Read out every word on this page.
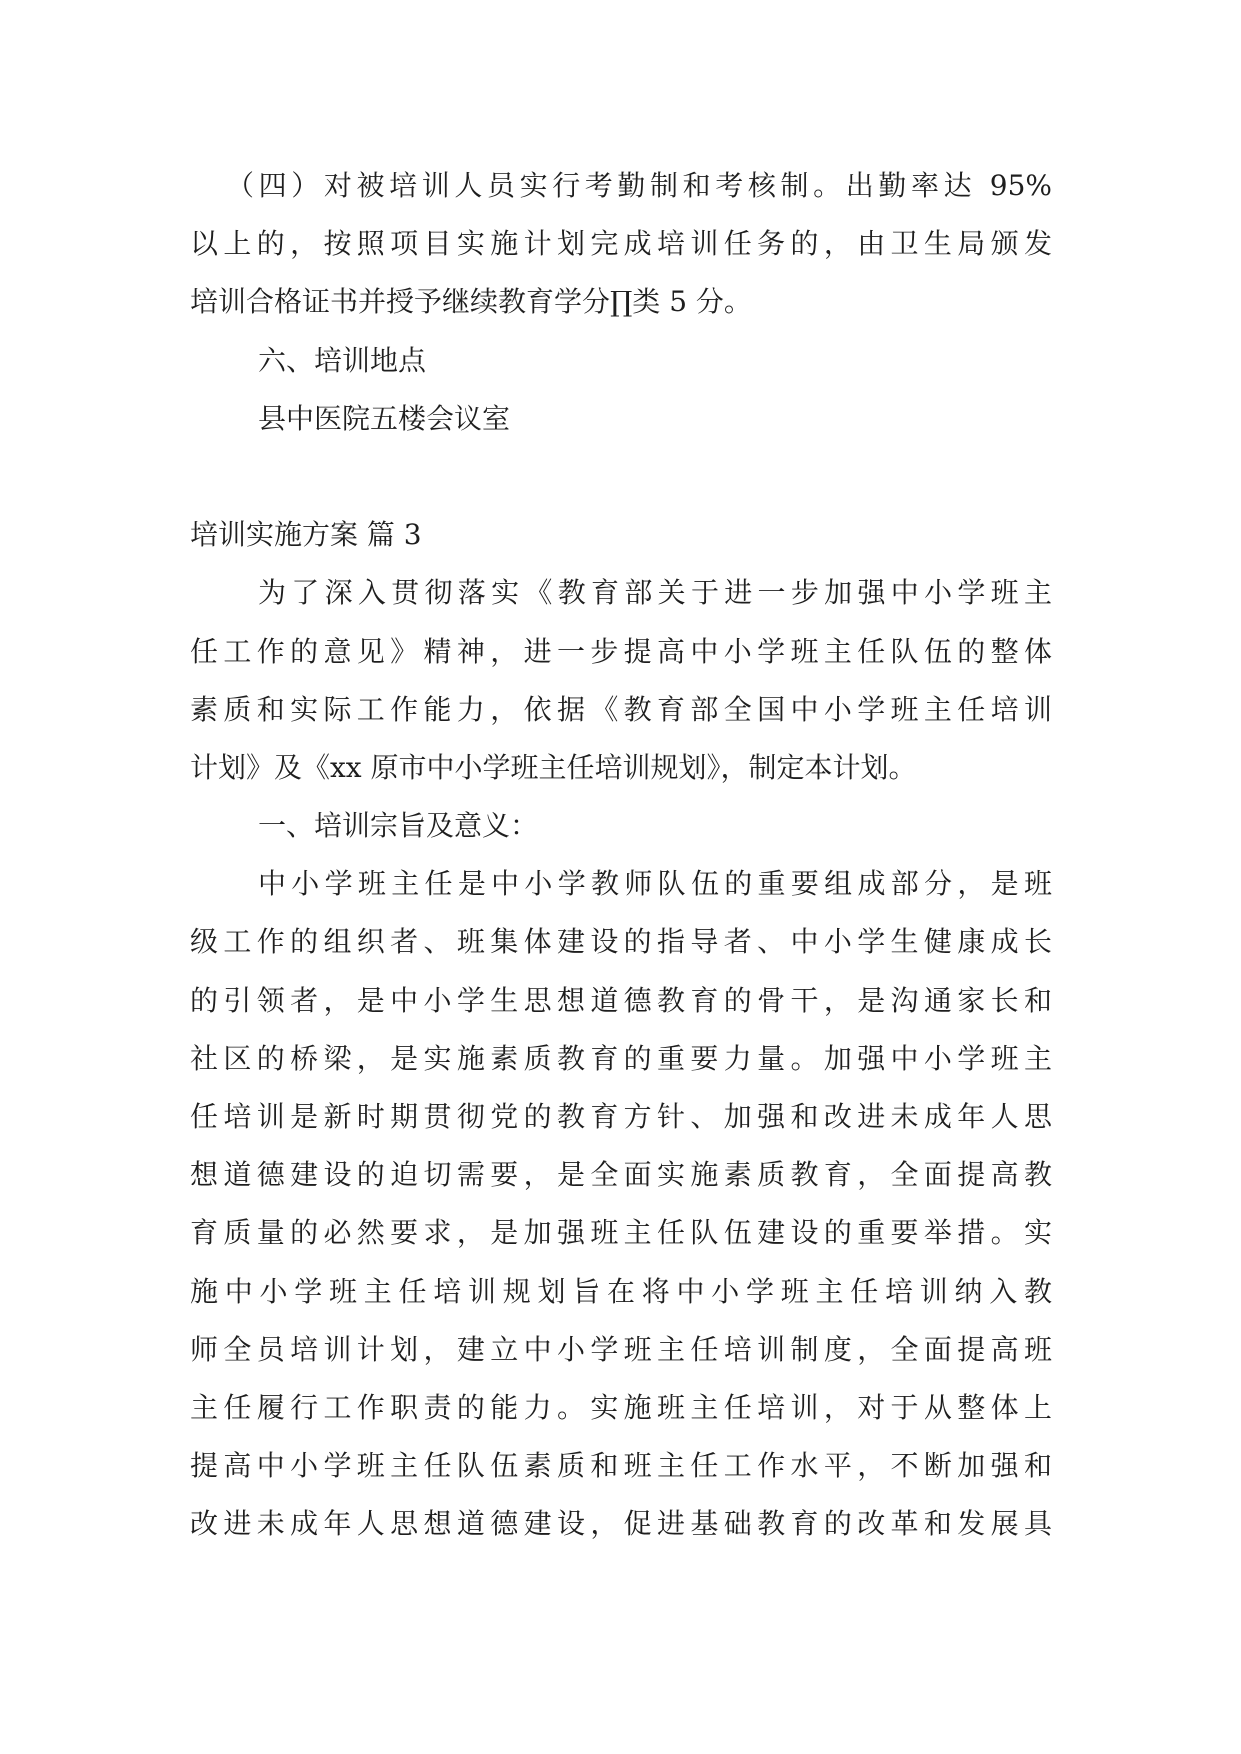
（四）对被培训人员实行考勤制和考核制。出勤率达 95%
以上的，按照项目实施计划完成培训任务的，由卫生局颁发
培训合格证书并授予继续教育学分∏类 5 分。
六、培训地点
县中医院五楼会议室
培训实施方案 篇 3
为了深入贯彻落实《教育部关于进一步加强中小学班主
任工作的意见》精神，进一步提高中小学班主任队伍的整体
素质和实际工作能力，依据《教育部全国中小学班主任培训
计划》及《xx 原市中小学班主任培训规划》，制定本计划。
一、培训宗旨及意义：
中小学班主任是中小学教师队伍的重要组成部分，是班
级工作的组织者、班集体建设的指导者、中小学生健康成长
的引领者，是中小学生思想道德教育的骨干，是沟通家长和
社区的桥梁，是实施素质教育的重要力量。加强中小学班主
任培训是新时期贯彻党的教育方针、加强和改进未成年人思
想道德建设的迫切需要，是全面实施素质教育，全面提高教
育质量的必然要求，是加强班主任队伍建设的重要举措。实
施中小学班主任培训规划旨在将中小学班主任培训纳入教
师全员培训计划，建立中小学班主任培训制度，全面提高班
主任履行工作职责的能力。实施班主任培训，对于从整体上
提高中小学班主任队伍素质和班主任工作水平，不断加强和
改进未成年人思想道德建设，促进基础教育的改革和发展具
